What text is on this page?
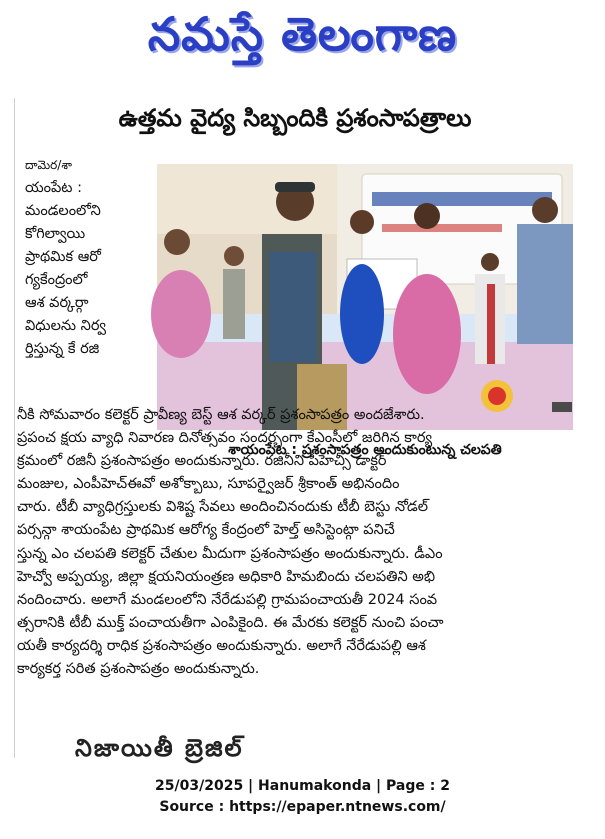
నమస్తే తెలంగాణ
ఉత్తమ వైద్య సిబ్బందికి ప్రశంసాపత్రాలు
శాయంపేట : ప్రశంసాపత్రం అందుకుంటున్న చలపతి
దామెర/శా
యంపేట :
మండలంలోని
కోగిల్వాయి
ప్రాథమిక ఆరో
గ్యకేంద్రంలో
ఆశ వర్కర్గా
విధులను నిర్వ
ర్తిస్తున్న కే రజి
నీకి సోమవారం కలెక్టర్ ప్రావీణ్య బెస్ట్ ఆశ వర్కర్ ప్రశంసాపత్రం అందజేశారు.
ప్రపంచ క్షయ వ్యాధి నివారణ దినోత్సవం సందర్భంగా కేఎంసీలో జరిగిన కార్య
క్రమంలో రజినీ ప్రశంసాపత్రం అందుకున్నారు. రజినీని పీహెచ్సీ డాక్టర్
మంజుల, ఎంపీహెచ్ఈవో అశోక్బాబు, సూపర్వైజర్ శ్రీకాంత్ అభినందిం
చారు. టీబీ వ్యాధిగ్రస్తులకు విశిష్ట సేవలు అందించినందుకు టీబీ బెస్టు నోడల్
పర్సన్గా శాయంపేట ప్రాథమిక ఆరోగ్య కేంద్రంలో హెల్త్ అసిస్టెంట్గా పనిచే
స్తున్న ఎం చలపతి కలెక్టర్ చేతుల మీదుగా ప్రశంసాపత్రం అందుకున్నారు. డీఎం
హెచ్వో అప్పయ్య, జిల్లా క్షయనియంత్రణ అధికారి హిమబిందు చలపతిని అభి
నందించారు. అలాగే మండలంలోని నేరేడుపల్లి గ్రామపంచాయతీ 2024 సంవ
త్సరానికి టీబీ ముక్త్ పంచాయతీగా ఎంపికైంది. ఈ మేరకు కలెక్టర్ నుంచి పంచా
యతీ కార్యదర్శి రాధిక ప్రశంసాపత్రం అందుకున్నారు. అలాగే నేరేడుపల్లి ఆశ
కార్యకర్త సరిత ప్రశంసాపత్రం అందుకున్నారు.
నిజాయితీ బ్రెజిల్
25/03/2025 | Hanumakonda | Page : 2
Source : https://epaper.ntnews.com/
